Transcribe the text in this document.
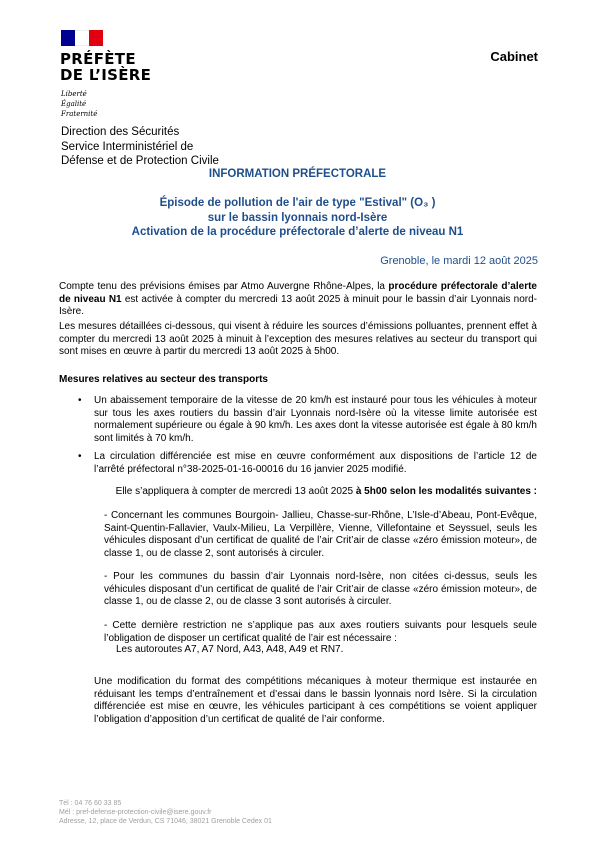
PRÉFÈTE
DE L’ISÈRE
Liberté
Égalité
Fraternité
Cabinet
Direction des Sécurités
Service Interministériel de
Défense et de Protection Civile
INFORMATION PRÉFECTORALE
Épisode de pollution de l'air de type "Estival" (O₃ )
sur le bassin lyonnais nord-Isère
Activation de la procédure préfectorale d’alerte de niveau N1
Grenoble, le mardi 12 août 2025
Compte tenu des prévisions émises par Atmo Auvergne Rhône-Alpes, la procédure préfectorale d’alerte de niveau N1 est activée à compter du mercredi 13 août 2025 à minuit pour le bassin d’air Lyonnais nord-Isère.
Les mesures détaillées ci-dessous, qui visent à réduire les sources d’émissions polluantes, prennent effet à compter du mercredi 13 août 2025 à minuit à l’exception des mesures relatives au secteur du transport qui sont mises en œuvre à partir du mercredi 13 août 2025 à 5h00.
Mesures relatives au secteur des transports
• Un abaissement temporaire de la vitesse de 20 km/h est instauré pour tous les véhicules à moteur sur tous les axes routiers du bassin d’air Lyonnais nord-Isère où la vitesse limite autorisée est normalement supérieure ou égale à 90 km/h. Les axes dont la vitesse autorisée est égale à 80 km/h sont limités à 70 km/h.
• La circulation différenciée est mise en œuvre conformément aux dispositions de l’article 12 de l’arrêté préfectoral n°38-2025-01-16-00016 du 16 janvier 2025 modifié.
Elle s’appliquera à compter de mercredi 13 août 2025 à 5h00 selon les modalités suivantes :
- Concernant les communes Bourgoin- Jallieu, Chasse-sur-Rhône, L’Isle-d’Abeau, Pont-Evêque, Saint-Quentin-Fallavier, Vaulx-Milieu, La Verpillère, Vienne, Villefontaine et Seyssuel, seuls les véhicules disposant d’un certificat de qualité de l’air Crit’air de classe «zéro émission moteur», de classe 1, ou de classe 2, sont autorisés à circuler.
- Pour les communes du bassin d’air Lyonnais nord-Isère, non citées ci-dessus, seuls les véhicules disposant d’un certificat de qualité de l’air Crit’air de classe «zéro émission moteur», de classe 1, ou de classe 2, ou de classe 3 sont autorisés à circuler.
- Cette dernière restriction ne s’applique pas aux axes routiers suivants pour lesquels seule l’obligation de disposer un certificat qualité de l’air est nécessaire :
Les autoroutes A7, A7 Nord, A43, A48, A49 et RN7.
Une modification du format des compétitions mécaniques à moteur thermique est instaurée en réduisant les temps d’entraînement et d’essai dans le bassin lyonnais nord Isère. Si la circulation différenciée est mise en œuvre, les véhicules participant à ces compétitions se voient appliquer l’obligation d’apposition d’un certificat de qualité de l’air conforme.
Tél : 04 76 60 33 85
Mél : pref-defense-protection-civile@isere.gouv.fr
Adresse, 12, place de Verdun, CS 71046, 38021 Grenoble Cedex 01
